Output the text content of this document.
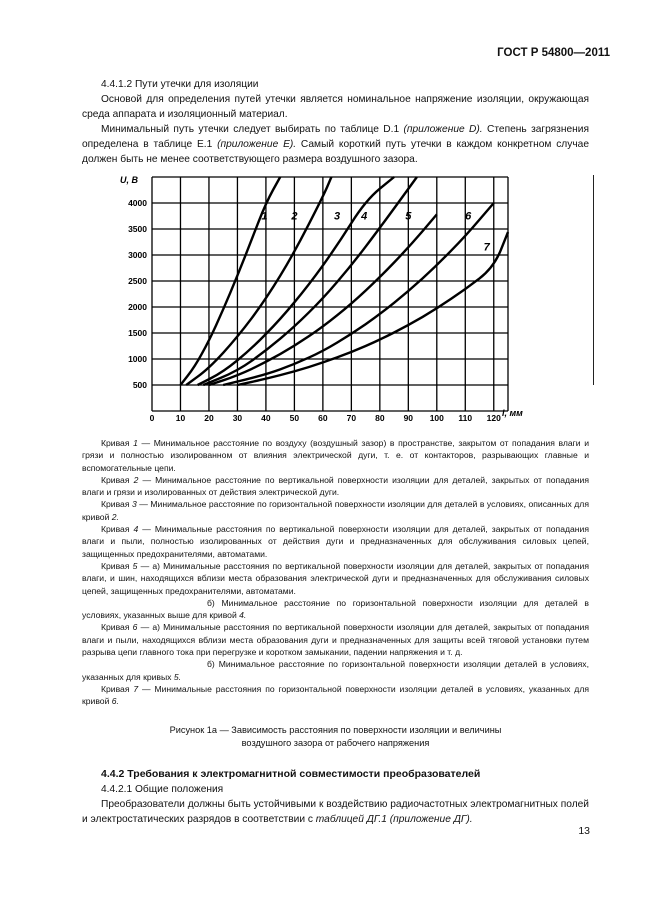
ГОСТ Р 54800—2011

4.4.1.2 Пути утечки для изоляции

Основой для определения путей утечки является номинальное напряжение изоляции, окружающая среда аппарата и изоляционный материал.

Минимальный путь утечки следует выбирать по таблице D.1 (приложение D). Степень загрязнения определена в таблице Е.1 (приложение Е). Самый короткий путь утечки в каждом конкретном случае должен быть не менее соответствующего размера воздушного зазора.

0	10 20 30 40 50 60 70 80 90 100 110 120
500
1000
1500
2000
2500
3000
3500
4000
1 2	3 4	5	6
7
U, B
l, мм

Кривая 1 — Минимальное расстояние по воздуху (воздушный зазор) в пространстве, закрытом от попадания влаги и грязи и полностью изолированном от влияния электрической дуги, т. е. от контакторов, разрывающих главные и вспомогательные цепи.

Кривая 2 — Минимальное расстояние по вертикальной поверхности изоляции для деталей, закрытых от попадания влаги и грязи и изолированных от действия электрической дуги.

Кривая 3 — Минимальное расстояние по горизонтальной поверхности изоляции для деталей в условиях, описанных для кривой 2.

Кривая 4 — Минимальные расстояния по вертикальной поверхности изоляции для деталей, закрытых от попадания влаги и пыли, полностью изолированных от действия дуги и предназначенных для обслуживания силовых цепей, защищенных предохранителями, автоматами.

Кривая 5 — а) Минимальные расстояния по вертикальной поверхности изоляции для деталей, закрытых от попадания влаги, и шин, находящихся вблизи места образования электрической дуги и предназначенных для обслуживания силовых цепей, защищенных предохранителями, автоматами.

б) Минимальное расстояние по горизонтальной поверхности изоляции для деталей в условиях, указанных выше для кривой 4.

Кривая 6 — а) Минимальные расстояния по вертикальной поверхности изоляции для деталей, закрытых от попадания влаги и пыли, находящихся вблизи места образования дуги и предназначенных для защиты всей тяговой установки путем разрыва цепи главного тока при перегрузке и коротком замыкании, падении напряжения и т. д.

б) Минимальное расстояние по горизонтальной поверхности изоляции деталей в условиях, указанных для кривых 5.

Кривая 7 — Минимальные расстояния по горизонтальной поверхности изоляции деталей в условиях, указанных для кривой 6.

Рисунок 1а — Зависимость расстояния по поверхности изоляции и величины
воздушного зазора от рабочего напряжения

4.4.2 Требования к электромагнитной совместимости преобразователей

4.4.2.1 Общие положения

Преобразователи должны быть устойчивыми к воздействию радиочастотных электромагнитных полей и электростатических разрядов в соответствии с таблицей ДГ.1 (приложение ДГ).

13
